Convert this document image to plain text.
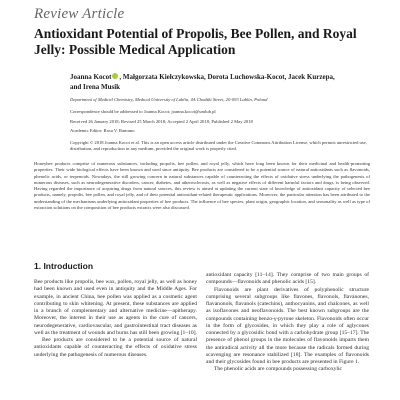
Review Article
Antioxidant Potential of Propolis, Bee Pollen, and Royal Jelly: Possible Medical Application
Joanna Kocot , Małgorzata Kiełczykowska, Dorota Luchowska-Kocot, Jacek Kurzepa,
and Irena Musik
Department of Medical Chemistry, Medical University of Lublin, 4A Chodźki Street, 20-093 Lublin, Poland
Correspondence should be addressed to Joanna Kocot; joanna.kocot@umlub.pl
Received 26 January 2018; Revised 25 March 2018; Accepted 2 April 2018; Published 2 May 2018
Academic Editor: Rosa V. Ramuno
Copyright © 2018 Joanna Kocot et al. This is an open access article distributed under the Creative Commons Attribution License, which permits unrestricted use, distribution, and reproduction in any medium, provided the original work is properly cited.
Honeybee products comprise of numerous substances, including propolis, bee pollen, and royal jelly, which have long been known for their medicinal and health-promoting properties. Their wide biological effects have been known and used since antiquity. Bee products are considered to be a potential source of natural antioxidants such as flavonoids, phenolic acids, or terpenoids. Nowadays, the still growing concern in natural substances capable of counteracting the effects of oxidative stress underlying the pathogenesis of numerous diseases, such as neurodegenerative disorders, cancer, diabetes, and atherosclerosis, as well as negative effects of different harmful factors and drugs, is being observed. Having regarded the importance of acquiring drugs from natural sources, this review is aimed at updating the current state of knowledge of antioxidant capacity of selected bee products, namely, propolis, bee pollen, and royal jelly, and of their potential antioxidant-related therapeutic applications. Moreover, the particular attention has been attributed to the understanding of the mechanisms underlying antioxidant properties of bee products. The influence of bee species, plant origin, geographic location, and seasonality as well as type of extraction solutions on the composition of bee products extracts were also discussed.
1. Introduction

Bee products like propolis, bee wax, pollen, royal jelly, as well as honey had been known and used even in antiquity and the Middle Ages. For example, in ancient China, bee pollen was applied as a cosmetic agent contributing to skin whitening. At present, these substances are applied in a branch of complementary and alternative medicine—apitherapy. Moreover, the interest in their use as agents in the cure of cancers, neurodegenerative, cardiovascular, and gastrointestinal tract diseases as well as the treatment of wounds and burns has still been growing [1–10].

Bee products are considered to be a potential source of natural antioxidants capable of counteracting the effects of oxidative stress underlying the pathogenesis of numerous diseases.

antioxidant capacity [11–14]. They comprise of two main groups of compounds—flavonoids and phenolic acids [15].

Flavonoids are plant derivatives of polyphenolic structure comprising several subgroups like flavones, flavonols, flavanones, flavanonols, flavanols (catechins), anthocyanins, and chalcones, as well as isoflavones and neoflavonoids. The best known subgroups are the compounds containing benzo-γ-pyrone skeleton. Flavonoids often occur in the form of glycosides, in which they play a role of aglycones connected by a glycosidic bond with a carbohydrate group [15–17]. The presence of phenol groups in the molecules of flavonoids imparts them the antiradical activity all the more because the radicals formed during scavenging are resonance stabilized [18]. The examples of flavonoids and their glycosides found in bee products are presented in Figure 1.

The phenolic acids are compounds possessing carboxylic
